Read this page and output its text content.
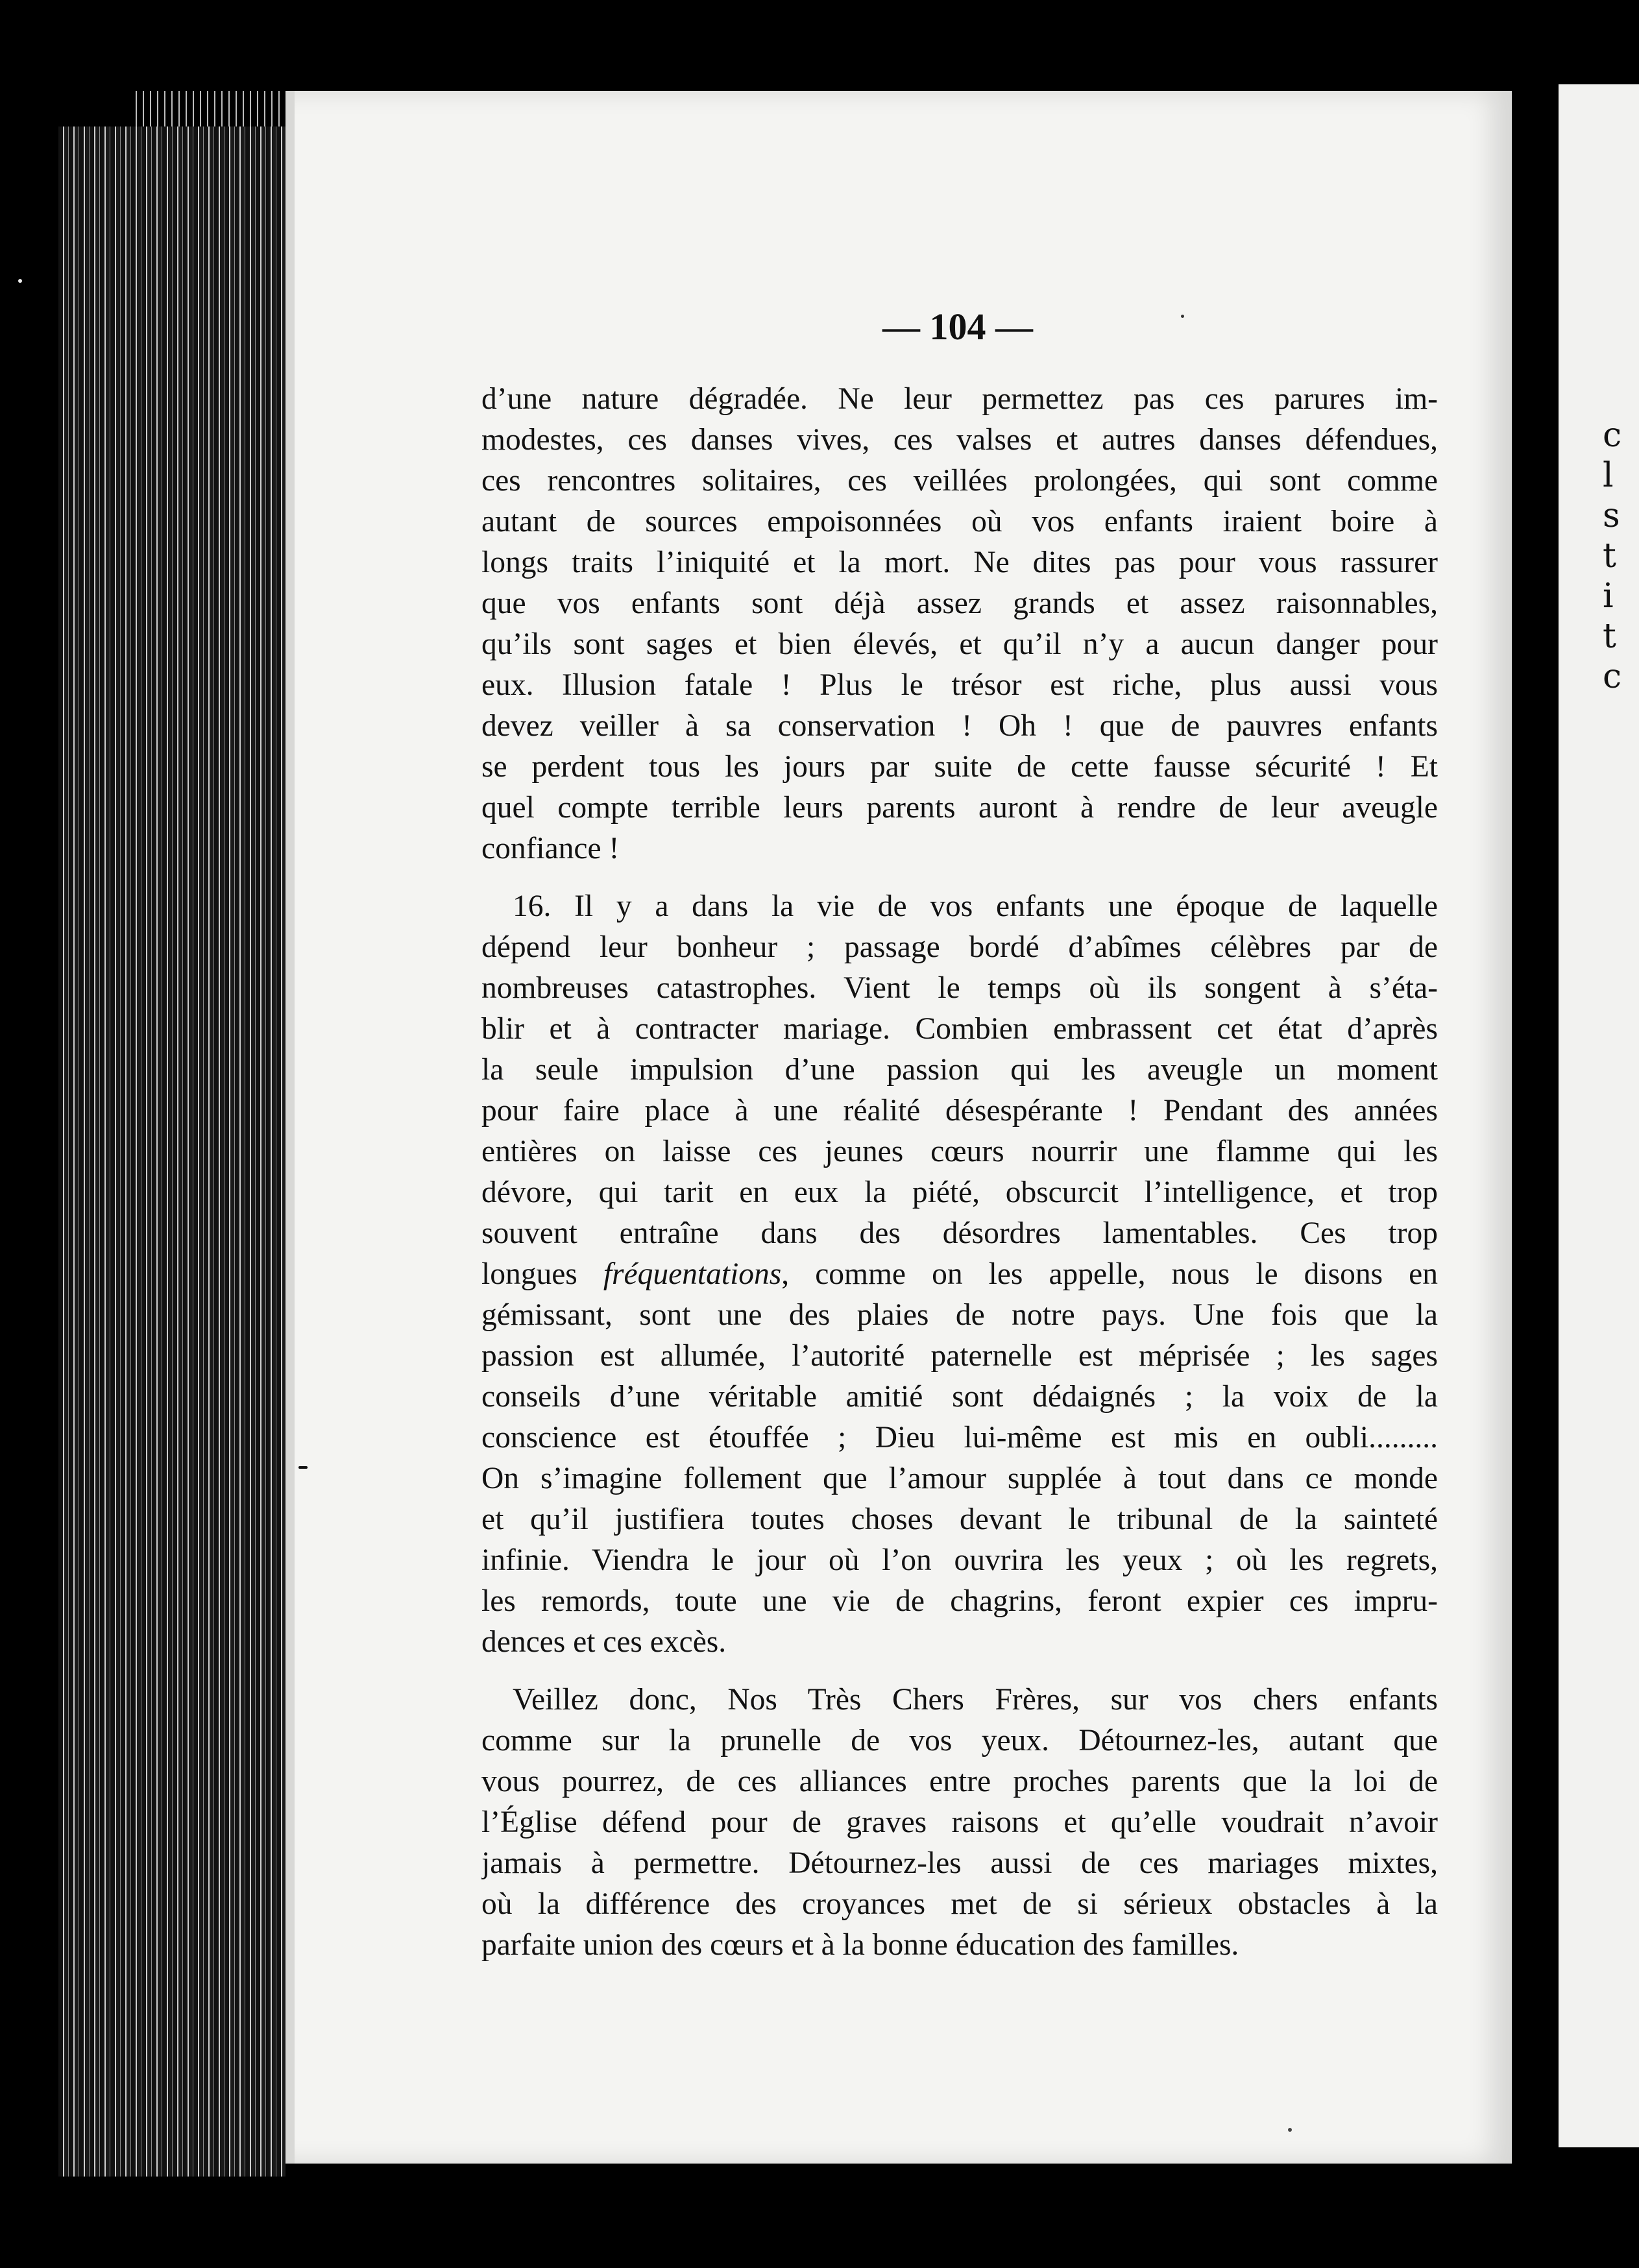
c
l
s
t
i
t
c
— 104 —

d’une nature dégradée. Ne leur permettez pas ces parures im-
modestes, ces danses vives, ces valses et autres danses défendues,
ces rencontres solitaires, ces veillées prolongées, qui sont comme
autant de sources empoisonnées où vos enfants iraient boire à
longs traits l’iniquité et la mort. Ne dites pas pour vous rassurer
que vos enfants sont déjà assez grands et assez raisonnables,
qu’ils sont sages et bien élevés, et qu’il n’y a aucun danger pour
eux. Illusion fatale ! Plus le trésor est riche, plus aussi vous
devez veiller à sa conservation ! Oh ! que de pauvres enfants
se perdent tous les jours par suite de cette fausse sécurité ! Et
quel compte terrible leurs parents auront à rendre de leur aveugle
confiance !

16. Il y a dans la vie de vos enfants une époque de laquelle
dépend leur bonheur ; passage bordé d’abîmes célèbres par de
nombreuses catastrophes. Vient le temps où ils songent à s’éta-
blir et à contracter mariage. Combien embrassent cet état d’après
la seule impulsion d’une passion qui les aveugle un moment
pour faire place à une réalité désespérante ! Pendant des années
entières on laisse ces jeunes cœurs nourrir une flamme qui les
dévore, qui tarit en eux la piété, obscurcit l’intelligence, et trop
souvent entraîne dans des désordres lamentables. Ces trop
longues fréquentations, comme on les appelle, nous le disons en
gémissant, sont une des plaies de notre pays. Une fois que la
passion est allumée, l’autorité paternelle est méprisée ; les sages
conseils d’une véritable amitié sont dédaignés ; la voix de la
conscience est étouffée ; Dieu lui-même est mis en oubli.........
On s’imagine follement que l’amour supplée à tout dans ce monde
et qu’il justifiera toutes choses devant le tribunal de la sainteté
infinie. Viendra le jour où l’on ouvrira les yeux ; où les regrets,
les remords, toute une vie de chagrins, feront expier ces impru-
dences et ces excès.

Veillez donc, Nos Très Chers Frères, sur vos chers enfants
comme sur la prunelle de vos yeux. Détournez-les, autant que
vous pourrez, de ces alliances entre proches parents que la loi de
l’Église défend pour de graves raisons et qu’elle voudrait n’avoir
jamais à permettre. Détournez-les aussi de ces mariages mixtes,
où la différence des croyances met de si sérieux obstacles à la
parfaite union des cœurs et à la bonne éducation des familles.
